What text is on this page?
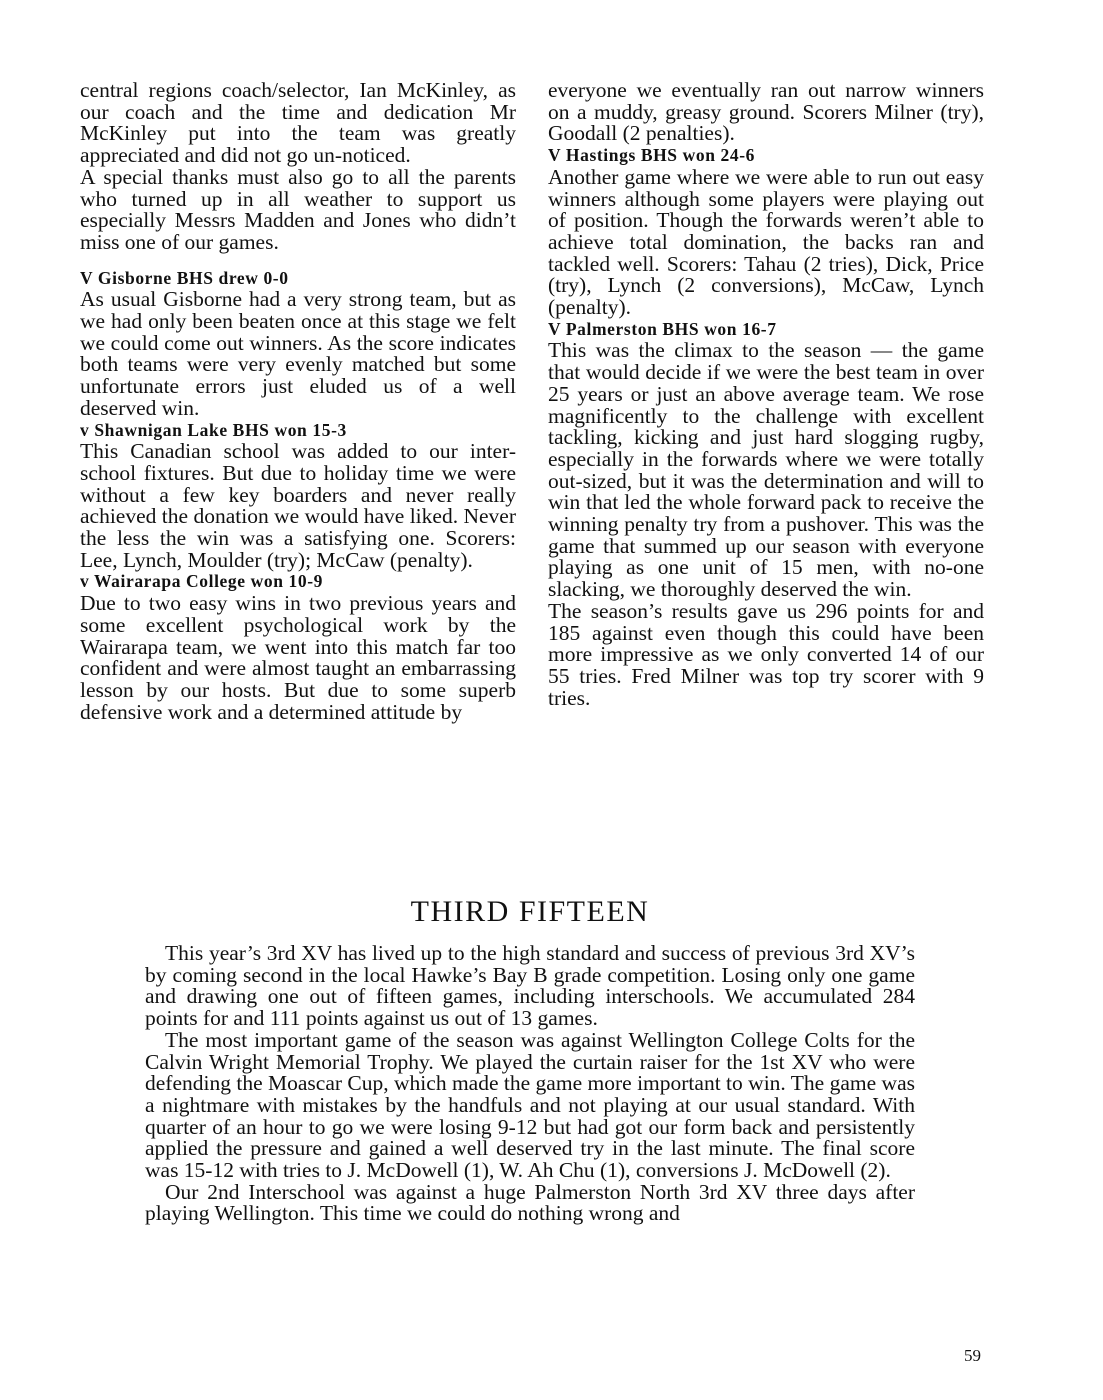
central regions coach/selector, Ian McKinley, as our coach and the time and dedication Mr McKinley put into the team was greatly appreciated and did not go un-noticed.

A special thanks must also go to all the parents who turned up in all weather to support us especially Messrs Madden and Jones who didn’t miss one of our games.

V Gisborne BHS drew 0-0

As usual Gisborne had a very strong team, but as we had only been beaten once at this stage we felt we could come out winners. As the score indicates both teams were very evenly matched but some unfortunate errors just eluded us of a well deserved win.

v Shawnigan Lake BHS won 15-3

This Canadian school was added to our inter-school fixtures. But due to holiday time we were without a few key boarders and never really achieved the donation we would have liked. Never the less the win was a satisfying one. Scorers: Lee, Lynch, Moulder (try); McCaw (penalty).

v Wairarapa College won 10-9

Due to two easy wins in two previous years and some excellent psychological work by the Wairarapa team, we went into this match far too confident and were almost taught an embarrassing lesson by our hosts. But due to some superb defensive work and a determined attitude by

everyone we eventually ran out narrow winners on a muddy, greasy ground. Scorers Milner (try), Goodall (2 penalties).

V Hastings BHS won 24-6

Another game where we were able to run out easy winners although some players were playing out of position. Though the forwards weren’t able to achieve total domination, the backs ran and tackled well. Scorers: Tahau (2 tries), Dick, Price (try), Lynch (2 conversions), McCaw, Lynch (penalty).

V Palmerston BHS won 16-7

This was the climax to the season — the game that would decide if we were the best team in over 25 years or just an above average team. We rose magnificently to the challenge with excellent tackling, kicking and just hard slogging rugby, especially in the forwards where we were totally out-sized, but it was the determination and will to win that led the whole forward pack to receive the winning penalty try from a pushover. This was the game that summed up our season with everyone playing as one unit of 15 men, with no-one slacking, we thoroughly deserved the win.

The season’s results gave us 296 points for and 185 against even though this could have been more impressive as we only converted 14 of our 55 tries. Fred Milner was top try scorer with 9 tries.

THIRD FIFTEEN

This year’s 3rd XV has lived up to the high standard and success of previous 3rd XV’s by coming second in the local Hawke’s Bay B grade competition. Losing only one game and drawing one out of fifteen games, including interschools. We accumulated 284 points for and 111 points against us out of 13 games.

The most important game of the season was against Wellington College Colts for the Calvin Wright Memorial Trophy. We played the curtain raiser for the 1st XV who were defending the Moascar Cup, which made the game more important to win. The game was a nightmare with mistakes by the handfuls and not playing at our usual standard. With quarter of an hour to go we were losing 9-12 but had got our form back and persistently applied the pressure and gained a well deserved try in the last minute. The final score was 15-12 with tries to J. McDowell (1), W. Ah Chu (1), conversions J. McDowell (2).

Our 2nd Interschool was against a huge Palmerston North 3rd XV three days after playing Wellington. This time we could do nothing wrong and

59
